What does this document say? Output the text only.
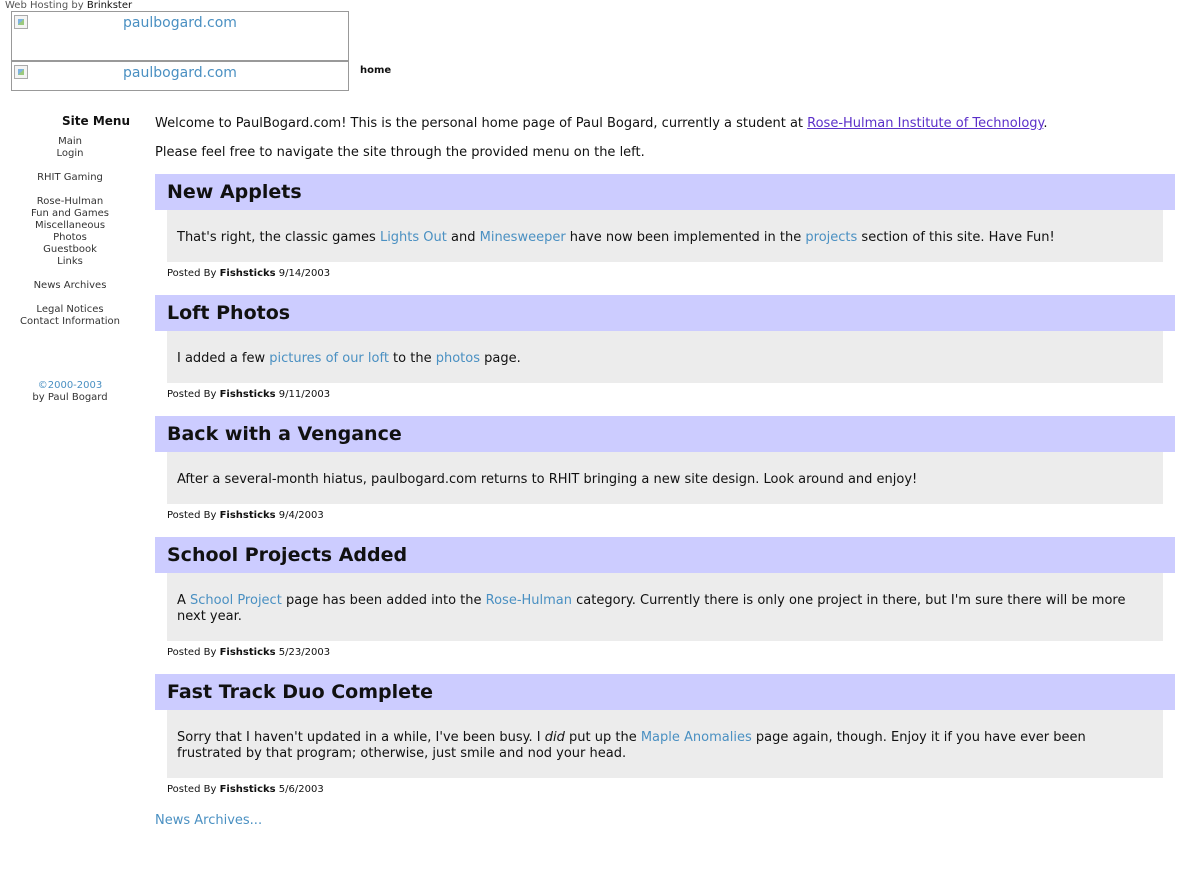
Web Hosting by Brinkster
paulbogard.com
paulbogard.com	home
Site Menu
Main
Login
RHIT Gaming
Rose-Hulman
Fun and Games
Miscellaneous
Photos
Guestbook
Links
News Archives
Legal Notices
Contact Information
©2000-2003
by Paul Bogard

Welcome to PaulBogard.com! This is the personal home page of Paul Bogard, currently a student at Rose-Hulman Institute of Technology.

Please feel free to navigate the site through the provided menu on the left.

New Applets
That's right, the classic games Lights Out and Minesweeper have now been implemented in the projects section of this site. Have Fun!
Posted By Fishsticks 9/14/2003
Loft Photos
I added a few pictures of our loft to the photos page.
Posted By Fishsticks 9/11/2003
Back with a Vengance
After a several-month hiatus, paulbogard.com returns to RHIT bringing a new site design. Look around and enjoy!
Posted By Fishsticks 9/4/2003
School Projects Added
A School Project page has been added into the Rose-Hulman category. Currently there is only one project in there, but I'm sure there will be more next year.
Posted By Fishsticks 5/23/2003
Fast Track Duo Complete
Sorry that I haven't updated in a while, I've been busy. I did put up the Maple Anomalies page again, though. Enjoy it if you have ever been frustrated by that program; otherwise, just smile and nod your head.
Posted By Fishsticks 5/6/2003
News Archives...
